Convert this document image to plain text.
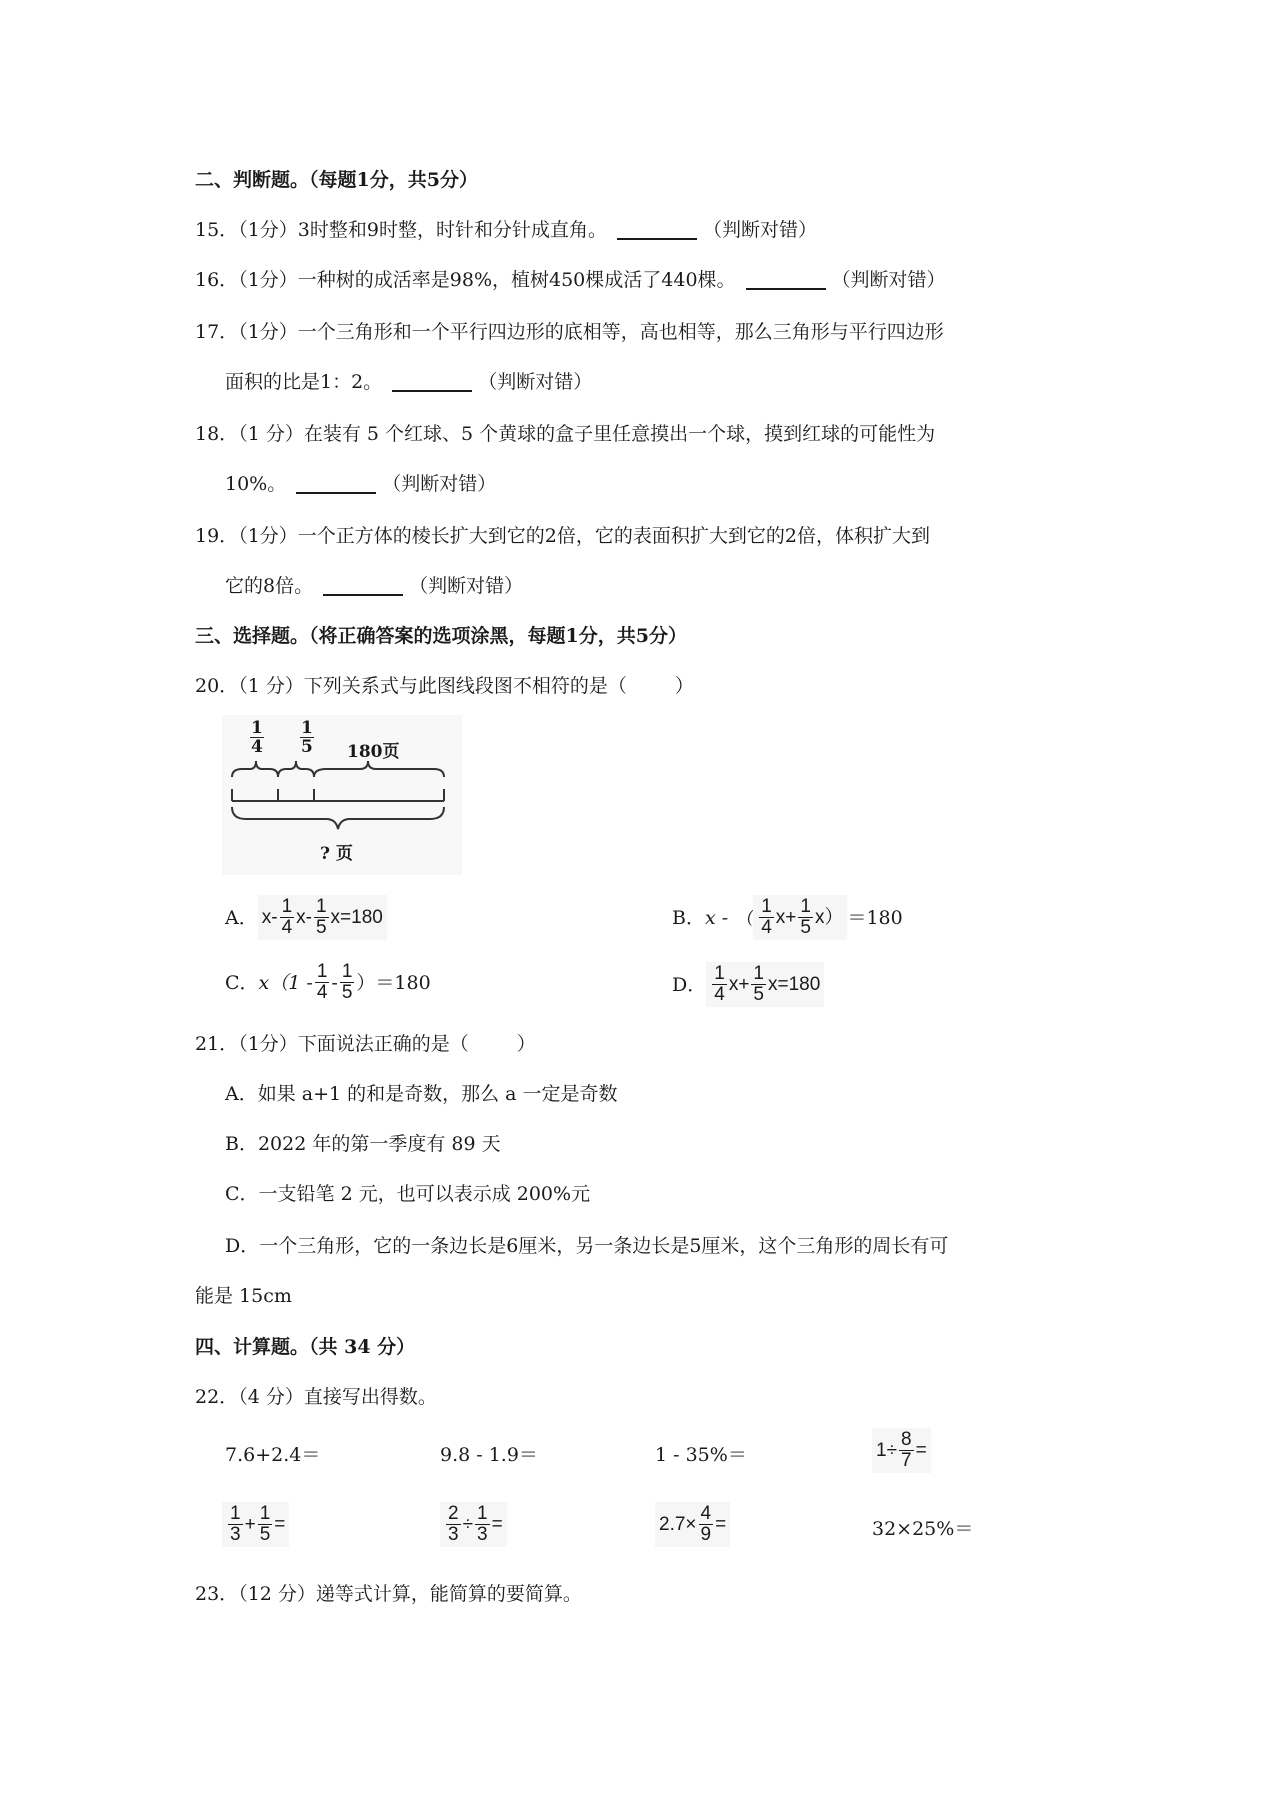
二、判断题。（每题1分，共5分）
15．（1分）3时整和9时整，时针和分针成直角。	（判断对错）
16．（1分）一种树的成活率是98%，植树450棵成活了440棵。	（判断对错）
17．（1分）一个三角形和一个平行四边形的底相等，高也相等，那么三角形与平行四边形
面积的比是1：2。	（判断对错）
18．（1 分）在装有 5 个红球、5 个黄球的盒子里任意摸出一个球，摸到红球的可能性为
10%。	（判断对错）
19．（1分）一个正方体的棱长扩大到它的2倍，它的表面积扩大到它的2倍，体积扩大到
它的8倍。	（判断对错）
三、选择题。（将正确答案的选项涂黑，每题1分，共5分）
20．（1 分）下列关系式与此图线段图不相符的是（	）
$\frac{1}{4} \frac{1}{5} 180$页
? 页
A． $x- \frac{1}{4} x- \frac{1}{5} x=180$	B． x - （ $\frac{1}{4} x+ \frac{1}{5} x) =180$
C． $x(1 - \frac{1}{4} - \frac{1}{5} )=180$	D． $\frac{1}{4} x+ \frac{1}{5} x=180$
21．（1分）下面说法正确的是（	）
A．如果 a+1 的和是奇数，那么 a 一定是奇数
B．2022 年的第一季度有 89 天
C．一支铅笔 2 元，也可以表示成 200%元
D．一个三角形，它的一条边长是6厘米，另一条边长是5厘米，这个三角形的周长有可
能是 15cm
四、计算题。（共 34 分）
22．（4 分）直接写出得数。
7.6+2.4＝	9.8 - 1.9＝	1 - 35%＝	$1\div \frac{8}{7}$ =
$\frac{1}{3} + \frac{1}{5}$ =	$\frac{2}{3} \div \frac{1}{3}$ =	$2.7\times \frac{4}{9}$ =	32×25%＝
23．（12 分）递等式计算，能简算的要简算。
